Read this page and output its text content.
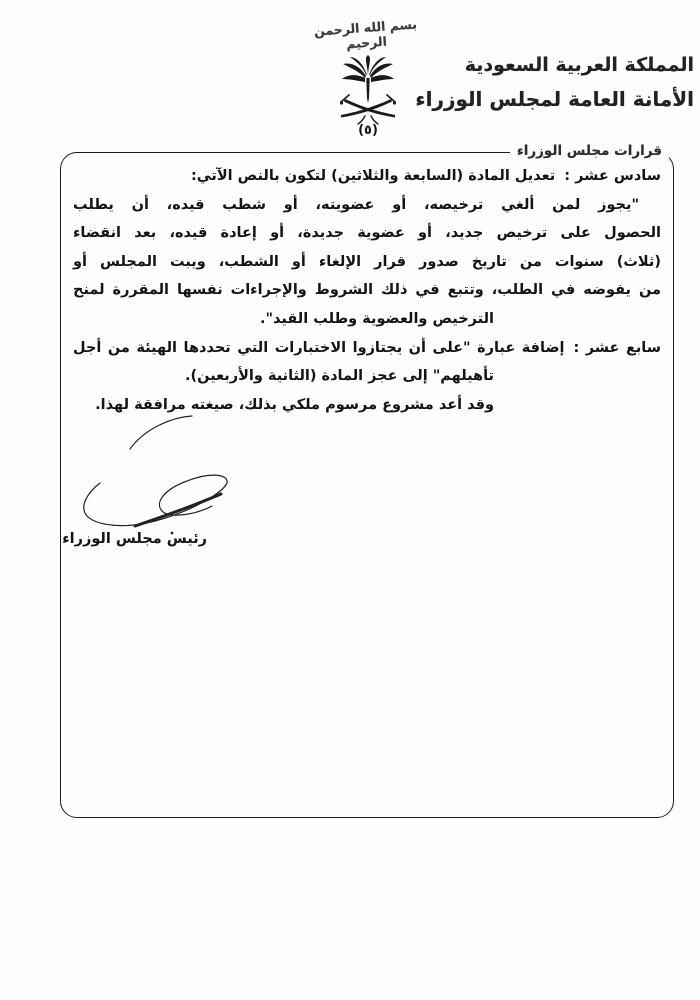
بسم الله الرحمن الرحيم
(٥)
المملكة العربية السعودية
الأمانة العامة لمجلس الوزراء
قرارات مجلس الوزراء
سادس عشر :تعديل المادة (السابعة والثلاثين) لتكون بالنص الآتي:
"يجوز لمن ألغي ترخيصه، أو عضويته، أو شطب قيده، أن يطلب
الحصول على ترخيص جديد، أو عضوية جديدة، أو إعادة قيده، بعد انقضاء
(ثلاث) سنوات من تاريخ صدور قرار الإلغاء أو الشطب، ويبت المجلس أو
من يفوضه في الطلب، وتتبع في ذلك الشروط والإجراءات نفسها المقررة لمنح
الترخيص والعضوية وطلب القيد".
سابع عشر :إضافة عبارة "على أن يجتازوا الاختبارات التي تحددها الهيئة من أجل
تأهيلهم" إلى عجز المادة (الثانية والأربعين).
وقد أعد مشروع مرسوم ملكي بذلك، صيغته مرافقة لهذا.
رئيس مجلس الوزراء
